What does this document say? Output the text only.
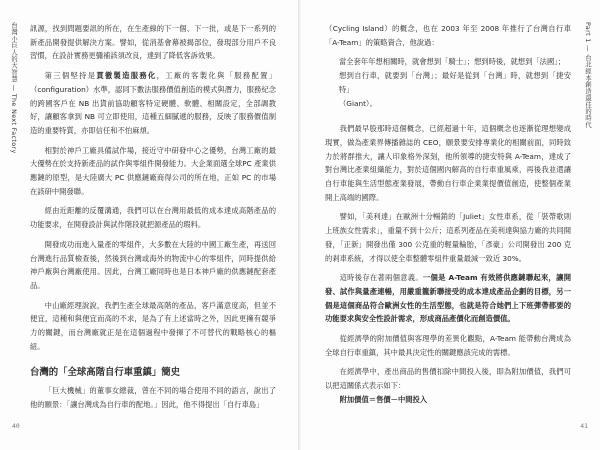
台灣小巨人的大智慧 — The Next Factory 訊源，找到問題要訊的所在，在生產線的下一個、下一批，或是下一系列的新產品開發提供解決方案。譬如，從消基會幕被揭部位，發現部分用戶不良習慣，在設計實務更彌補該須改良，達到了降低客訴效果。

第三個堅持是貫徹製造服務化，工廠的客製化與「服務配置」（configuration）水準，認同下數法服務價值創造的模式與潛力，服務紀念的跨國客戶在 NB 出貨前協助顧客特定硬體、軟體、相關設定，全部調教好，讓顧客拿到 NB 可立即使用，這種五細膩遞的服務，反映了服務價值制造的重要特質，亦即信任和不怕麻煩。

相對於神戶工廠具備試作場，接近守中研發中心之優勢，台灣工廠的最大優勢在於支持新產品的試作與零組件開發能力。大企業面選全球PC 產業供應鏈的原型，是大陸廣大 PC 供應鏈廠商得公司的所在地，正如 PC 的市場在該研中開發聯。

經由近距離的反覆溝通，我們可以在台灣用最低的成本達成高階產品的功能要求，在開發設計與試作階段就把源產品的瑕料。

開發成功而進入量產的零組件，大多數在大陸的中國工廠生產，再送回台灣進行品質檢查後，然後到台灣或海外的物流中心的零組件，同時提供給神戶廠與台灣廠使用。因此，台灣工廠同時也是日本神戶廠的供應鏈配套產品。

中山廠經理說說，我們生產全球最高階的產品，客戶滿意度高，但並不便宜，這種和與便宜而高的不求，是為了有上述當時之外，因此更擁有競爭力的關鍵，而台灣廠就正是在這個過程中發揮了不可替代的戰略核心的樞紐。

台灣的「全球高階自行車重鎮」簡史

「巨大機械」的董事女總裁，曾在不同的場合使用不同的語言，說出了他的願景：「讓台灣成為自行車的配地。」因此，他不得提出「自行車島」

40

（Cycling Island）的概念，也在 2003 年至 2008 年推行了台灣自行車「A-Team」的策略資合，他說過：

當全套年年想相關時，就會想到「騎士」；想到時後，就想到「法國」；

想到自行車，就要到「台灣」；最好是從到「台灣」時，就想到「捷安特」

（Giant）。

我們最早股那時這個概念，已經超過十年，這個概念也逐漸從理想變成現實，做為產業界傳播雜誌的 CEO，願景要安排專業化的相關前面，同時致力於將群推大，讓人印象格外深刻，他所領導的捷安特與 A-Team，達成了對台灣比產業組織能力，對於這個國內解高的自行車重風乘，再後我並還讓自行車能與生活型態產業發展，帶動自行車企業業提價值創造，使整個產業開上高端的國際。

譬如，「美利達」在歐洲十分暢銷的「Juliet」女性車系，從「裝帶歌則上班族女性需求」，重量不到十公斤；這系列產品在美利達與協力廠的共同開發，「正新」開發出僅 300 公克重的輕量輪胎，「彥豪」公司開發出 200 克的剎車系統，才得以使全車整體零組件重量最減一致近 30%。

這時後存在著兩個意義。一個是 A-Team 有效將供應鏈聯起來，讓開發、試作與量產連暢，用嚴重籠新聯接受的成本達成產品企劃的目標，另一個是這個商品符合歐洲女性的生活型態，也就是符合她們上下班彈帶都要的功能要求與安全性設計需求，形成商品產價化而創造價值。

從經濟學的附加價值與客理學的差異化觀點，A-Team 能帶動台灣成為全球自行車重鎮，其中最具決定性的關鍵應該完成的需標。

在經濟學中，產出商品的售價扣除中間投入後，即為附加價值，我們可以把這關係式表示如下：

附加價值＝售價－中間投入

Part 1 — 台北經本創造最佳的時代
41
